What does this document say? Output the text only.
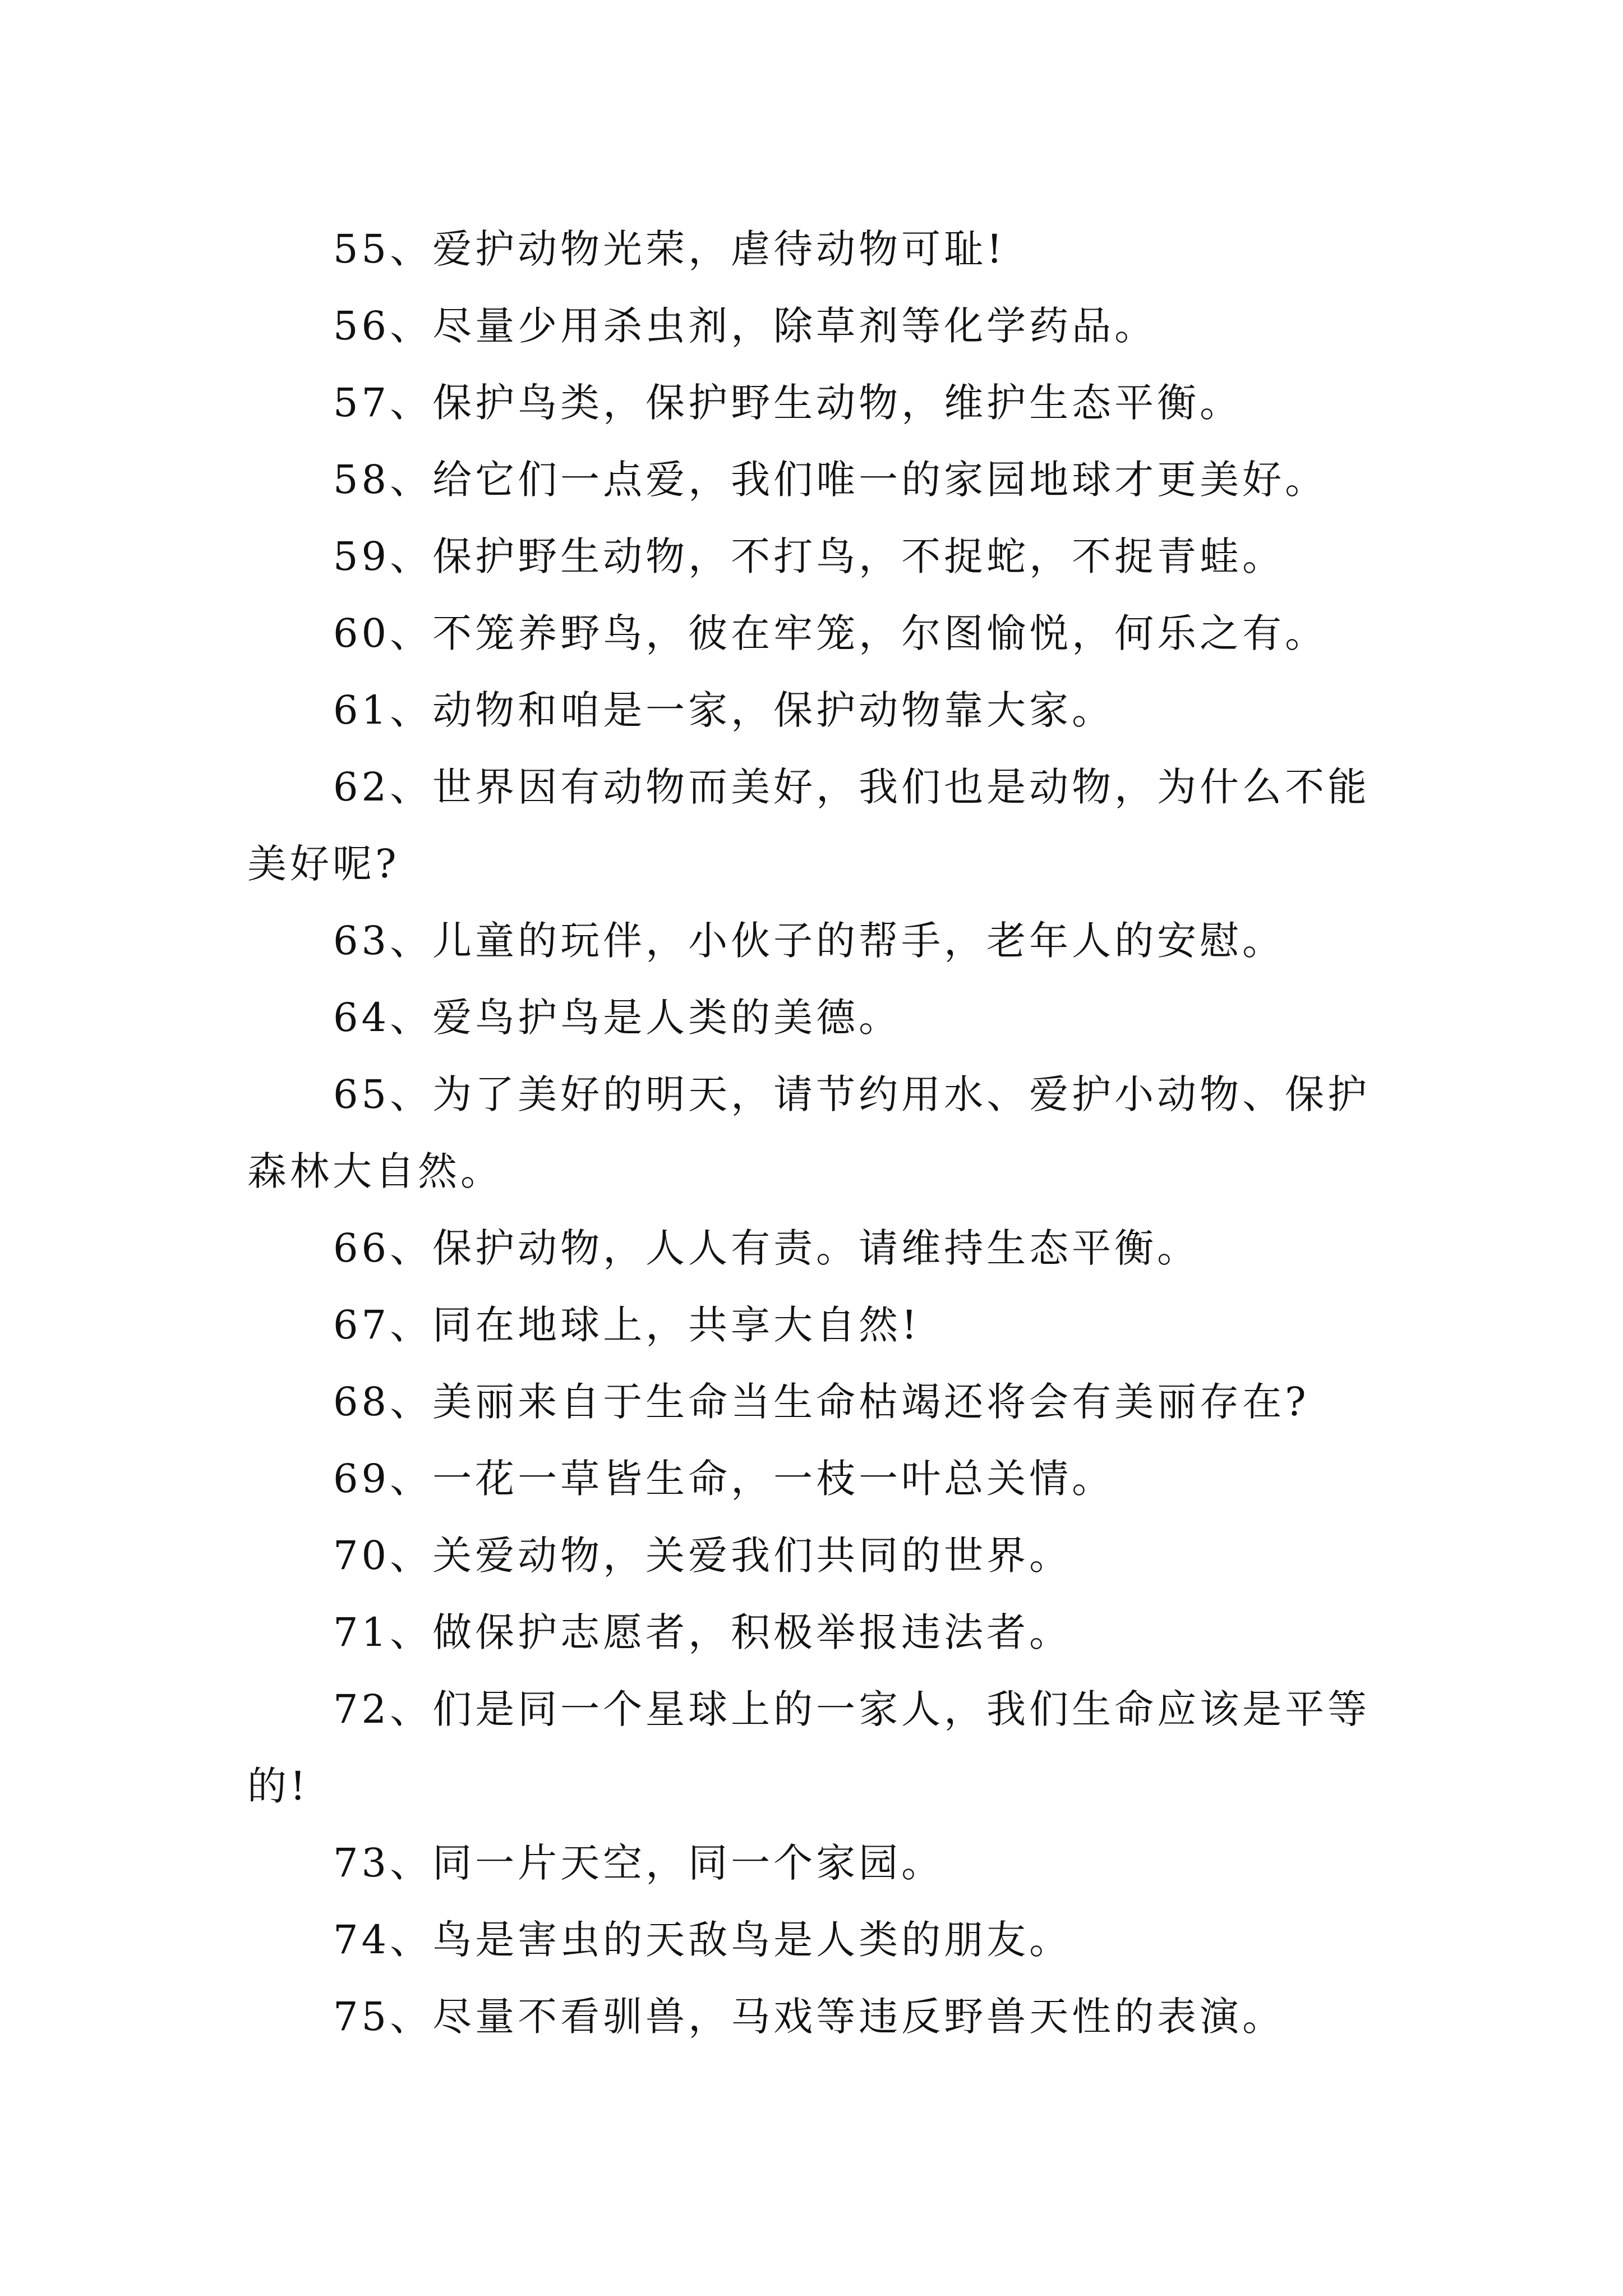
55、爱护动物光荣，虐待动物可耻!

56、尽量少用杀虫剂，除草剂等化学药品。

57、保护鸟类，保护野生动物，维护生态平衡。

58、给它们一点爱，我们唯一的家园地球才更美好。

59、保护野生动物，不打鸟，不捉蛇，不捉青蛙。

60、不笼养野鸟，彼在牢笼，尔图愉悦，何乐之有。

61、动物和咱是一家，保护动物靠大家。

62、世界因有动物而美好，我们也是动物，为什么不能美好呢?

63、儿童的玩伴，小伙子的帮手，老年人的安慰。

64、爱鸟护鸟是人类的美德。

65、为了美好的明天，请节约用水、爱护小动物、保护森林大自然。

66、保护动物，人人有责。请维持生态平衡。

67、同在地球上，共享大自然!

68、美丽来自于生命当生命枯竭还将会有美丽存在?

69、一花一草皆生命，一枝一叶总关情。

70、关爱动物，关爱我们共同的世界。

71、做保护志愿者，积极举报违法者。

72、们是同一个星球上的一家人，我们生命应该是平等的!

73、同一片天空，同一个家园。

74、鸟是害虫的天敌鸟是人类的朋友。

75、尽量不看驯兽，马戏等违反野兽天性的表演。
